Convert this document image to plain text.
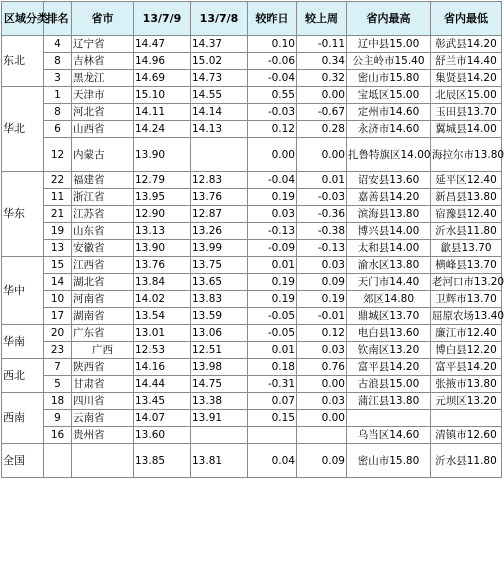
区域分类	排名	省市	13/7/9	13/7/8	较昨日	较上周	省内最高	省内最低
东北	4	辽宁省	14.47	14.37	0.10	-0.11	辽中县15.00	彰武县14.20
	8	吉林省	14.96	15.02	-0.06	0.34	公主岭市15.40	舒兰市14.40
	3	黑龙江	14.69	14.73	-0.04	0.32	密山市15.80	集贤县14.20
华北	1	天津市	15.10	14.55	0.55	0.00	宝坻区15.00	北辰区15.00
	8	河北省	14.11	14.14	-0.03	-0.67	定州市14.60	玉田县13.70
	6	山西省	14.24	14.13	0.12	0.28	永济市14.60	翼城县14.00
	12	内蒙古	13.90		0.00	0.00	扎鲁特旗区14.00	海拉尔市13.80
华东	22	福建省	12.79	12.83	-0.04	0.01	诏安县13.60	延平区12.40
	11	浙江省	13.95	13.76	0.19	-0.03	嘉善县14.20	新昌县13.80
	21	江苏省	12.90	12.87	0.03	-0.36	滨海县13.80	宿豫县12.40
	19	山东省	13.13	13.26	-0.13	-0.38	博兴县14.00	沂水县11.80
	13	安徽省	13.90	13.99	-0.09	-0.13	太和县14.00	歙县13.70
华中	15	江西省	13.76	13.75	0.01	0.03	渝水区13.80	横峰县13.70
	14	湖北省	13.84	13.65	0.19	0.09	天门市14.40	老河口市13.20
	10	河南省	14.02	13.83	0.19	0.19	郊区14.80	卫辉市13.70
	17	湖南省	13.54	13.59	-0.05	-0.01	鼎城区13.70	屈原农场13.40
华南	20	广东省	13.01	13.06	-0.05	0.12	电白县13.60	廉江市12.40
	23	广西	12.53	12.51	0.01	0.03	钦南区13.20	博白县12.20
西北	7	陕西省	14.16	13.98	0.18	0.76	富平县14.20	富平县14.20
	5	甘肃省	14.44	14.75	-0.31	0.00	古浪县15.00	张掖市13.80
西南	18	四川省	13.45	13.38	0.07	0.03	蒲江县13.80	元坝区13.20
	9	云南省	14.07	13.91	0.15	0.00		
	16	贵州省	13.60				乌当区14.60	清镇市12.60
全国			13.85	13.81	0.04	0.09	密山市15.80	沂水县11.80
